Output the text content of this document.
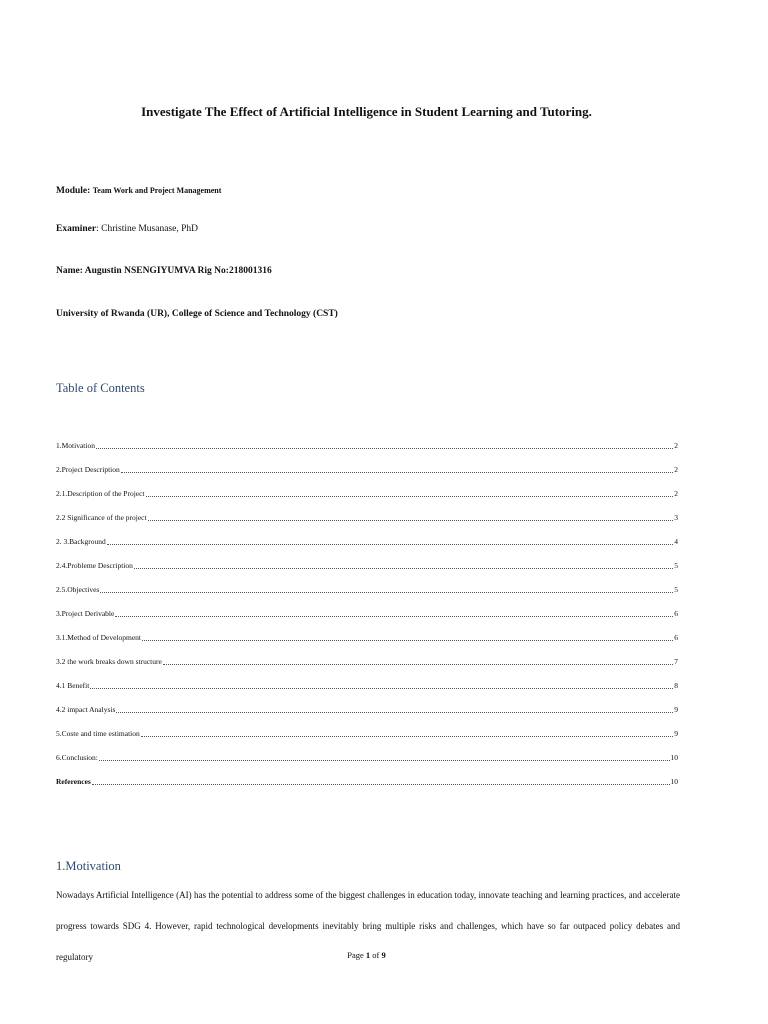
Investigate The Effect of Artificial Intelligence in Student Learning and Tutoring.
Module: Team Work and Project Management
Examiner: Christine Musanase, PhD
Name: Augustin NSENGIYUMVA Rig No:218001316
University of Rwanda (UR), College of Science and Technology (CST)
Table of Contents
1.Motivation	2
2.Project Description	2
2.1.Description of the Project	2
2.2 Significance of the project	3
2. 3.Background	4
2.4.Probleme Description	5
2.5.Objectives	5
3.Project Derivable	6
3.1.Method of Development	6
3.2 the work breaks down structure	7
4.1 Benefit	8
4.2 impact Analysis	9
5.Coste and time estimation	9
6.Conclusion:	10
References	10
1.Motivation
Nowadays Artificial Intelligence (AI) has the potential to address some of the biggest challenges in education today, innovate teaching and learning practices, and accelerate
progress towards SDG 4. However, rapid technological developments inevitably bring multiple risks and challenges, which have so far outpaced policy debates and regulatory	Page 1 of 9
